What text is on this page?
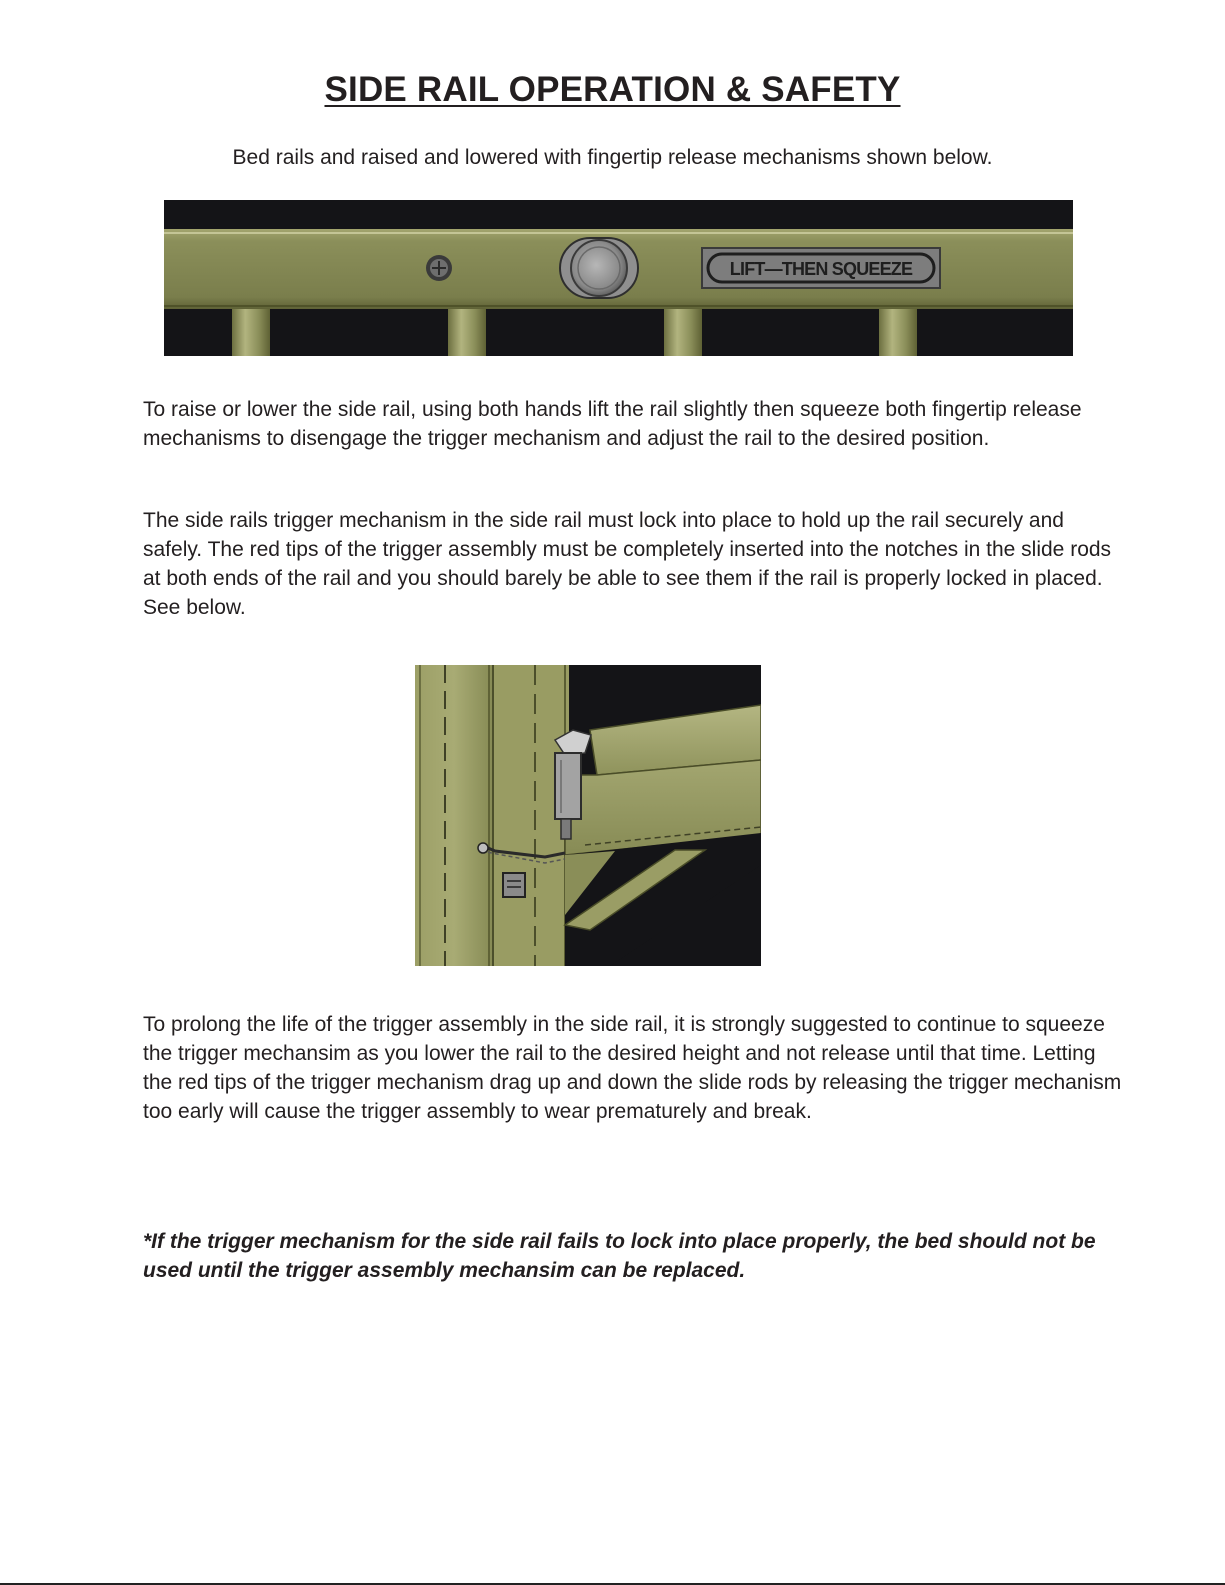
SIDE RAIL OPERATION & SAFETY

Bed rails and raised and lowered with fingertip release mechanisms shown below.

LIFT—THEN SQUEEZE

To raise or lower the side rail, using both hands lift the rail slightly then squeeze both fingertip release mechanisms to disengage the trigger mechanism and adjust the rail to the desired position.

The side rails trigger mechanism in the side rail must lock into place to hold up the rail securely and safely. The red tips of the trigger assembly must be completely inserted into the notches in the slide rods at both ends of the rail and you should barely be able to see them if the rail is properly locked in placed. See below.

To prolong the life of the trigger assembly in the side rail, it is strongly suggested to continue to squeeze the trigger mechansim as you lower the rail to the desired height and not release until that time. Letting the red tips of the trigger mechanism drag up and down the slide rods by releasing the trigger mechanism too early will cause the trigger assembly to wear prematurely and break.

*If the trigger mechanism for the side rail fails to lock into place properly, the bed should not be used until the trigger assembly mechansim can be replaced.
